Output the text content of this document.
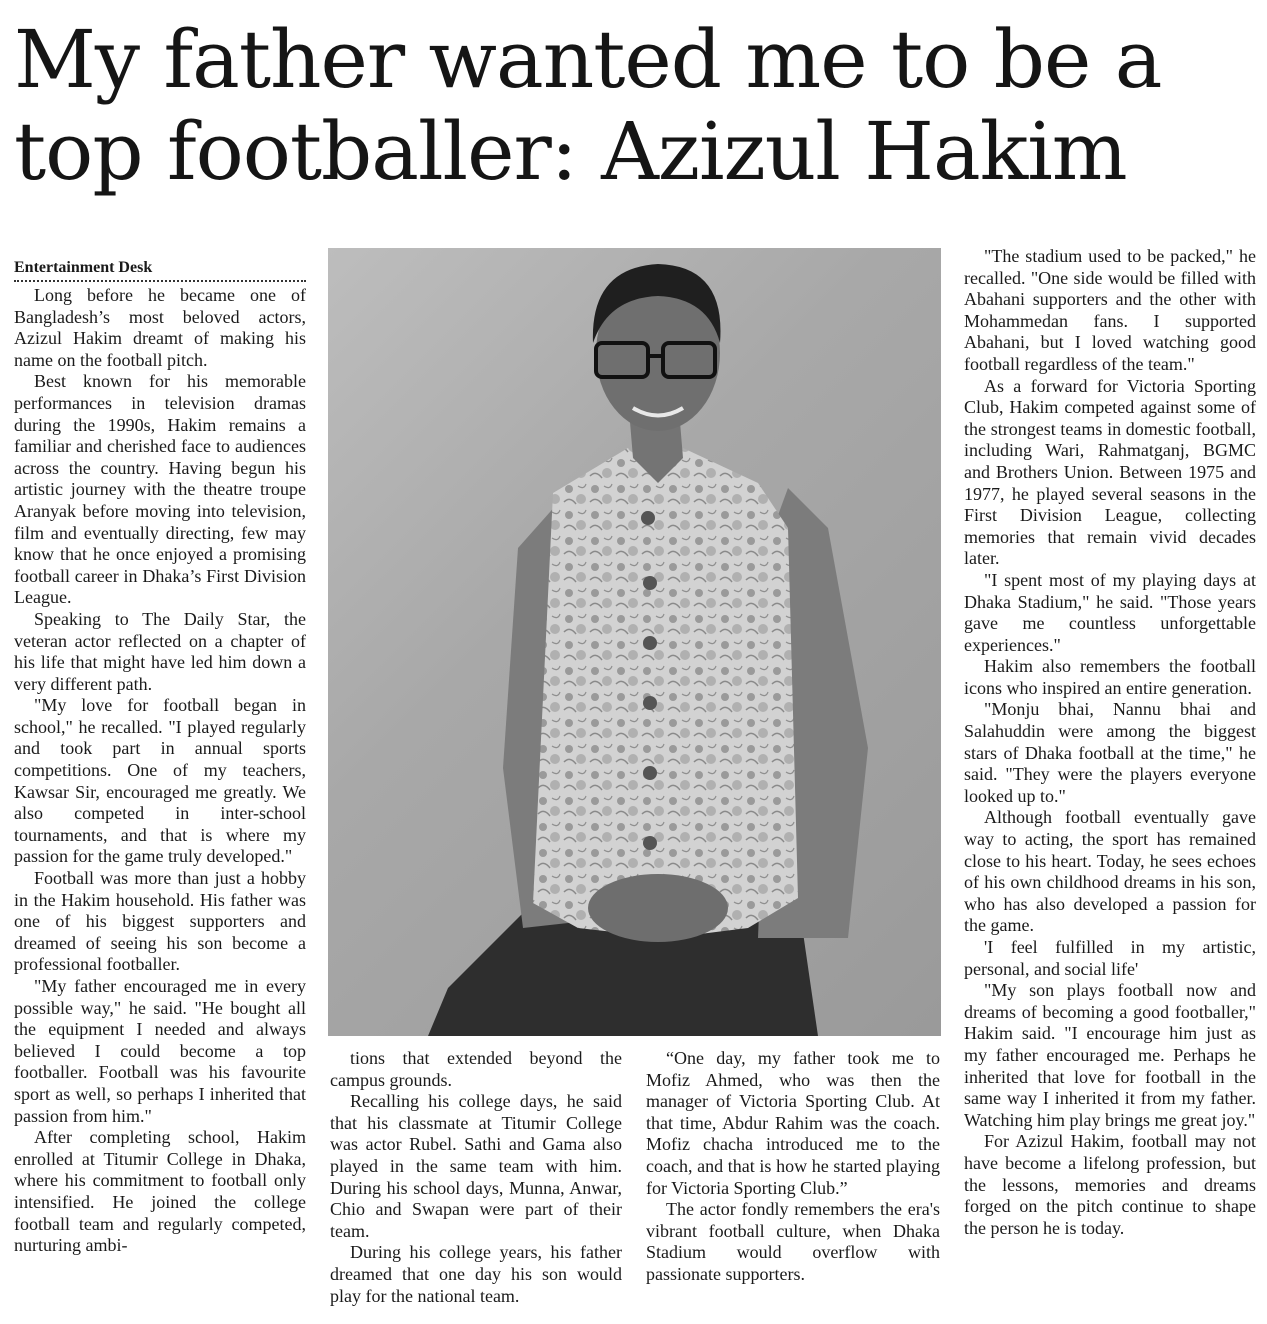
My father wanted me to be a top footballer: Azizul Hakim
Entertainment Desk

Long before he became one of Bangladesh’s most beloved actors, Azizul Hakim dreamt of making his name on the football pitch.

Best known for his memorable performances in television dramas during the 1990s, Hakim remains a familiar and cherished face to audiences across the country. Having begun his artistic journey with the theatre troupe Aranyak before moving into television, film and eventually directing, few may know that he once enjoyed a promising football career in Dhaka’s First Division League.

Speaking to The Daily Star, the veteran actor reflected on a chapter of his life that might have led him down a very different path.

"My love for football began in school," he recalled. "I played regularly and took part in annual sports competitions. One of my teachers, Kawsar Sir, encouraged me greatly. We also competed in inter-school tournaments, and that is where my passion for the game truly developed."

Football was more than just a hobby in the Hakim household. His father was one of his biggest supporters and dreamed of seeing his son become a professional footballer.

"My father encouraged me in every possible way," he said. "He bought all the equipment I needed and always believed I could become a top footballer. Football was his favourite sport as well, so perhaps I inherited that passion from him."

After completing school, Hakim enrolled at Titumir College in Dhaka, where his commitment to football only intensified. He joined the college football team and regularly competed, nurturing ambi-

tions that extended beyond the campus grounds.

Recalling his college days, he said that his classmate at Titumir College was actor Rubel. Sathi and Gama also played in the same team with him. During his school days, Munna, Anwar, Chio and Swapan were part of their team.

During his college years, his father dreamed that one day his son would play for the national team.

“One day, my father took me to Mofiz Ahmed, who was then the manager of Victoria Sporting Club. At that time, Abdur Rahim was the coach. Mofiz chacha introduced me to the coach, and that is how he started playing for Victoria Sporting Club.”

The actor fondly remembers the era's vibrant football culture, when Dhaka Stadium would overflow with passionate supporters.

"The stadium used to be packed," he recalled. "One side would be filled with Abahani supporters and the other with Mohammedan fans. I supported Abahani, but I loved watching good football regardless of the team."

As a forward for Victoria Sporting Club, Hakim competed against some of the strongest teams in domestic football, including Wari, Rahmatganj, BGMC and Brothers Union. Between 1975 and 1977, he played several seasons in the First Division League, collecting memories that remain vivid decades later.

"I spent most of my playing days at Dhaka Stadium," he said. "Those years gave me countless unforgettable experiences."

Hakim also remembers the football icons who inspired an entire generation.

"Monju bhai, Nannu bhai and Salahuddin were among the biggest stars of Dhaka football at the time," he said. "They were the players everyone looked up to."

Although football eventually gave way to acting, the sport has remained close to his heart. Today, he sees echoes of his own childhood dreams in his son, who has also developed a passion for the game.

'I feel fulfilled in my artistic, personal, and social life'

"My son plays football now and dreams of becoming a good footballer," Hakim said. "I encourage him just as my father encouraged me. Perhaps he inherited that love for football in the same way I inherited it from my father. Watching him play brings me great joy."

For Azizul Hakim, football may not have become a lifelong profession, but the lessons, memories and dreams forged on the pitch continue to shape the person he is today.
